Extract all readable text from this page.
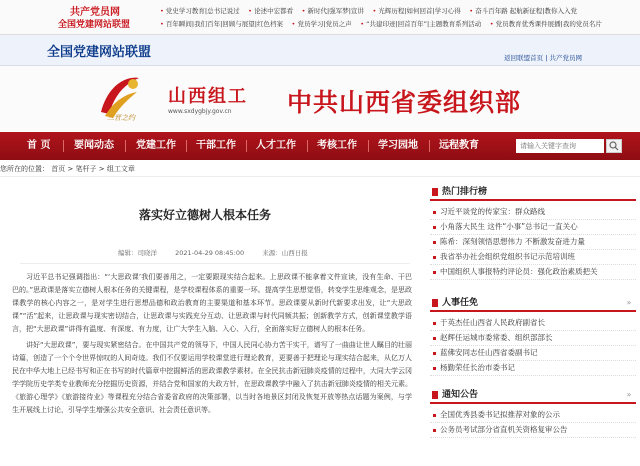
共产党员网
全国党建网站联盟
• 党史学习教育|总书记说过 • 论述中宏都看 • 新时代|强军梦|宣讲 • 光辉历程|如何回首|学习心得 • 奋斗百年路 起航新征程|教你入入党
• 百年瞬间|我们百年|回顾与展望|红色档案 • 党员学习|党员之声 • “共建印迹|回首百年”|主题教育系列活动 • 党员教育优秀课件展播|我的党员名片
全国党建网站联盟	返回联盟首页 | 共产党员网
三晋之约
山西组工
www.sxdygbjy.gov.cn 中共山西省委组织部
首 页 要闻动态 党建工作 干部工作 人才工作 考核工作 学习园地 远程教育
请输入关键字查询
您所在的位置： 首页 > 笔杆子 > 组工文章
落实好立德树人根本任务
编辑：司晓洋	2021-04-29 08:45:00	来源：山西日报

习近平总书记强调指出：“‘大思政课’我们要善用之，一定要跟现实结合起来。上思政课不能拿着文件宣读，没有生命、干巴巴的。”思政课是落实立德树人根本任务的关键课程，是学校课程体系的重要一环。提高学生思想觉悟，转变学生思维观念，是思政课教学的核心内容之一，是对学生进行思想品德和政治教育的主要渠道和基本环节。思政课要从新时代新要求出发，让“大思政课”“活”起来，让思政课与现实密切结合，让思政课与实践充分互动、让思政课与时代同频共振；创新教学方式，创新课堂教学语言，把“大思政课”讲得有温度、有深度、有力度，让广大学生入脑、入心、入行，全面落实好立德树人的根本任务。

讲好“大思政课”，要与现实紧密结合。在中国共产党的领导下，中国人民同心协力苦干实干，谱写了一曲曲让世人瞩目的壮丽诗篇，创造了一个个令世界惊叹的人间奇迹。我们不仅要运用学校课堂进行理论教育，更要善于把理论与现实结合起来，从亿万人民在中华大地上已经书写和正在书写的时代篇章中挖掘鲜活的思政课教学素材。在全民抗击新冠肺炎疫情的过程中，大同大学云冈学学院历史学类专业教师充分挖掘历史资源，并结合党和国家的大政方针，在思政课教学中融入了抗击新冠肺炎疫情的相关元素。《旅游心理学》《旅游接待业》等课程充分结合省委省政府的决策部署，以当时各地景区封闭及恢复开放等热点话题为案例，与学生开展线上讨论，引导学生增强公共安全意识、社会责任意识等。

热门排行榜
习近平谈党的传家宝：群众路线
小角落大民生 这件“小事”总书记一直关心
陈希：深刻领悟思想伟力 不断激发奋进力量
我省举办社会组织党组织书记示范培训班
中国组织人事报特约评论员：强化政治素质把关
人事任免	»
于英杰任山西省人民政府副省长
赵辉任运城市委常委、组织部部长
蓝佛安同志任山西省委副书记
杨勤荣任长治市委书记
通知公告	»
全国优秀县委书记拟推荐对象的公示
公务员考试部分省直机关资格复审公告
